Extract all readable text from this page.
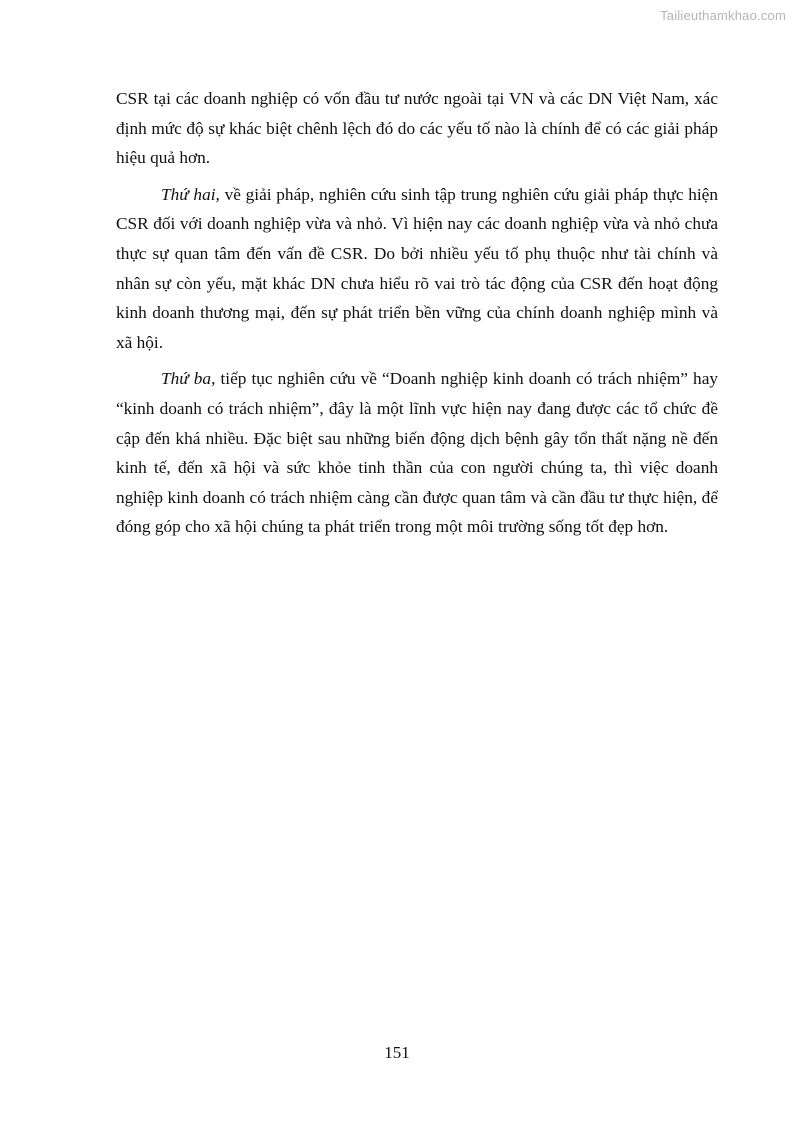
Tailieuthamkhao.com

CSR tại các doanh nghiệp có vốn đầu tư nước ngoài tại VN và các DN Việt Nam, xác định mức độ sự khác biệt chênh lệch đó do các yếu tố nào là chính để có các giải pháp hiệu quả hơn.

Thứ hai, về giải pháp, nghiên cứu sinh tập trung nghiên cứu giải pháp thực hiện CSR đối với doanh nghiệp vừa và nhỏ. Vì hiện nay các doanh nghiệp vừa và nhỏ chưa thực sự quan tâm đến vấn đề CSR. Do bởi nhiều yếu tố phụ thuộc như tài chính và nhân sự còn yếu, mặt khác DN chưa hiểu rõ vai trò tác động của CSR đến hoạt động kinh doanh thương mại, đến sự phát triển bền vững của chính doanh nghiệp mình và xã hội.

Thứ ba, tiếp tục nghiên cứu về “Doanh nghiệp kinh doanh có trách nhiệm” hay “kinh doanh có trách nhiệm”, đây là một lĩnh vực hiện nay đang được các tổ chức đề cập đến khá nhiều. Đặc biệt sau những biến động dịch bệnh gây tổn thất nặng nề đến kinh tế, đến xã hội và sức khỏe tinh thần của con người chúng ta, thì việc doanh nghiệp kinh doanh có trách nhiệm càng cần được quan tâm và cần đầu tư thực hiện, để đóng góp cho xã hội chúng ta phát triển trong một môi trường sống tốt đẹp hơn.

151
